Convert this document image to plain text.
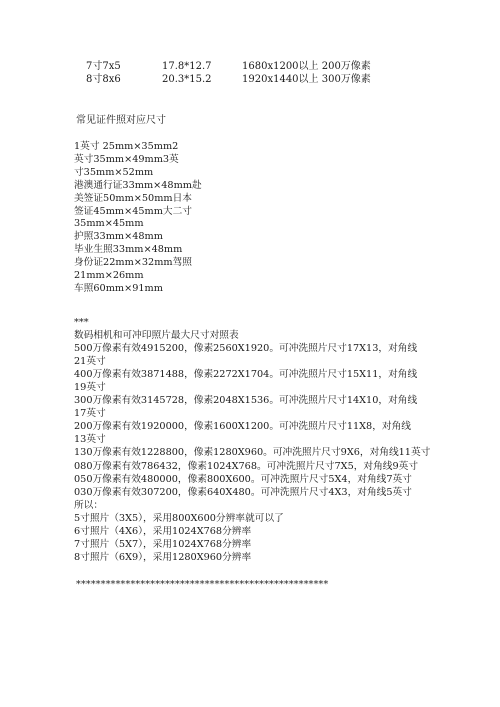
7寸7x5	17.8*12.7	1680x1200以上 200万像素
8寸8x6	20.3*15.2	1920x1440以上 300万像素
常见证件照对应尺寸
1英寸 25mm×35mm2
英寸35mm×49mm3英
寸35mm×52mm
港澳通行证33mm×48mm赴
美签证50mm×50mm日本
签证45mm×45mm大二寸
35mm×45mm
护照33mm×48mm
毕业生照33mm×48mm
身份证22mm×32mm驾照
21mm×26mm
车照60mm×91mm
***
数码相机和可冲印照片最大尺寸对照表
500万像素有效4915200，像素2560X1920。可冲洗照片尺寸17X13，对角线
21英寸
400万像素有效3871488，像素2272X1704。可冲洗照片尺寸15X11，对角线
19英寸
300万像素有效3145728，像素2048X1536。可冲洗照片尺寸14X10，对角线
17英寸
200万像素有效1920000，像素1600X1200。可冲洗照片尺寸11X8，对角线
13英寸
130万像素有效1228800，像素1280X960。可冲洗照片尺寸9X6，对角线11英寸
080万像素有效786432，像素1024X768。可冲洗照片尺寸7X5，对角线9英寸
050万像素有效480000，像素800X600。可冲洗照片尺寸5X4，对角线7英寸
030万像素有效307200，像素640X480。可冲洗照片尺寸4X3，对角线5英寸
所以：
5寸照片（3X5），采用800X600分辨率就可以了
6寸照片（4X6），采用1024X768分辨率
7寸照片（5X7），采用1024X768分辨率
8寸照片（6X9），采用1280X960分辨率
***************************************************
